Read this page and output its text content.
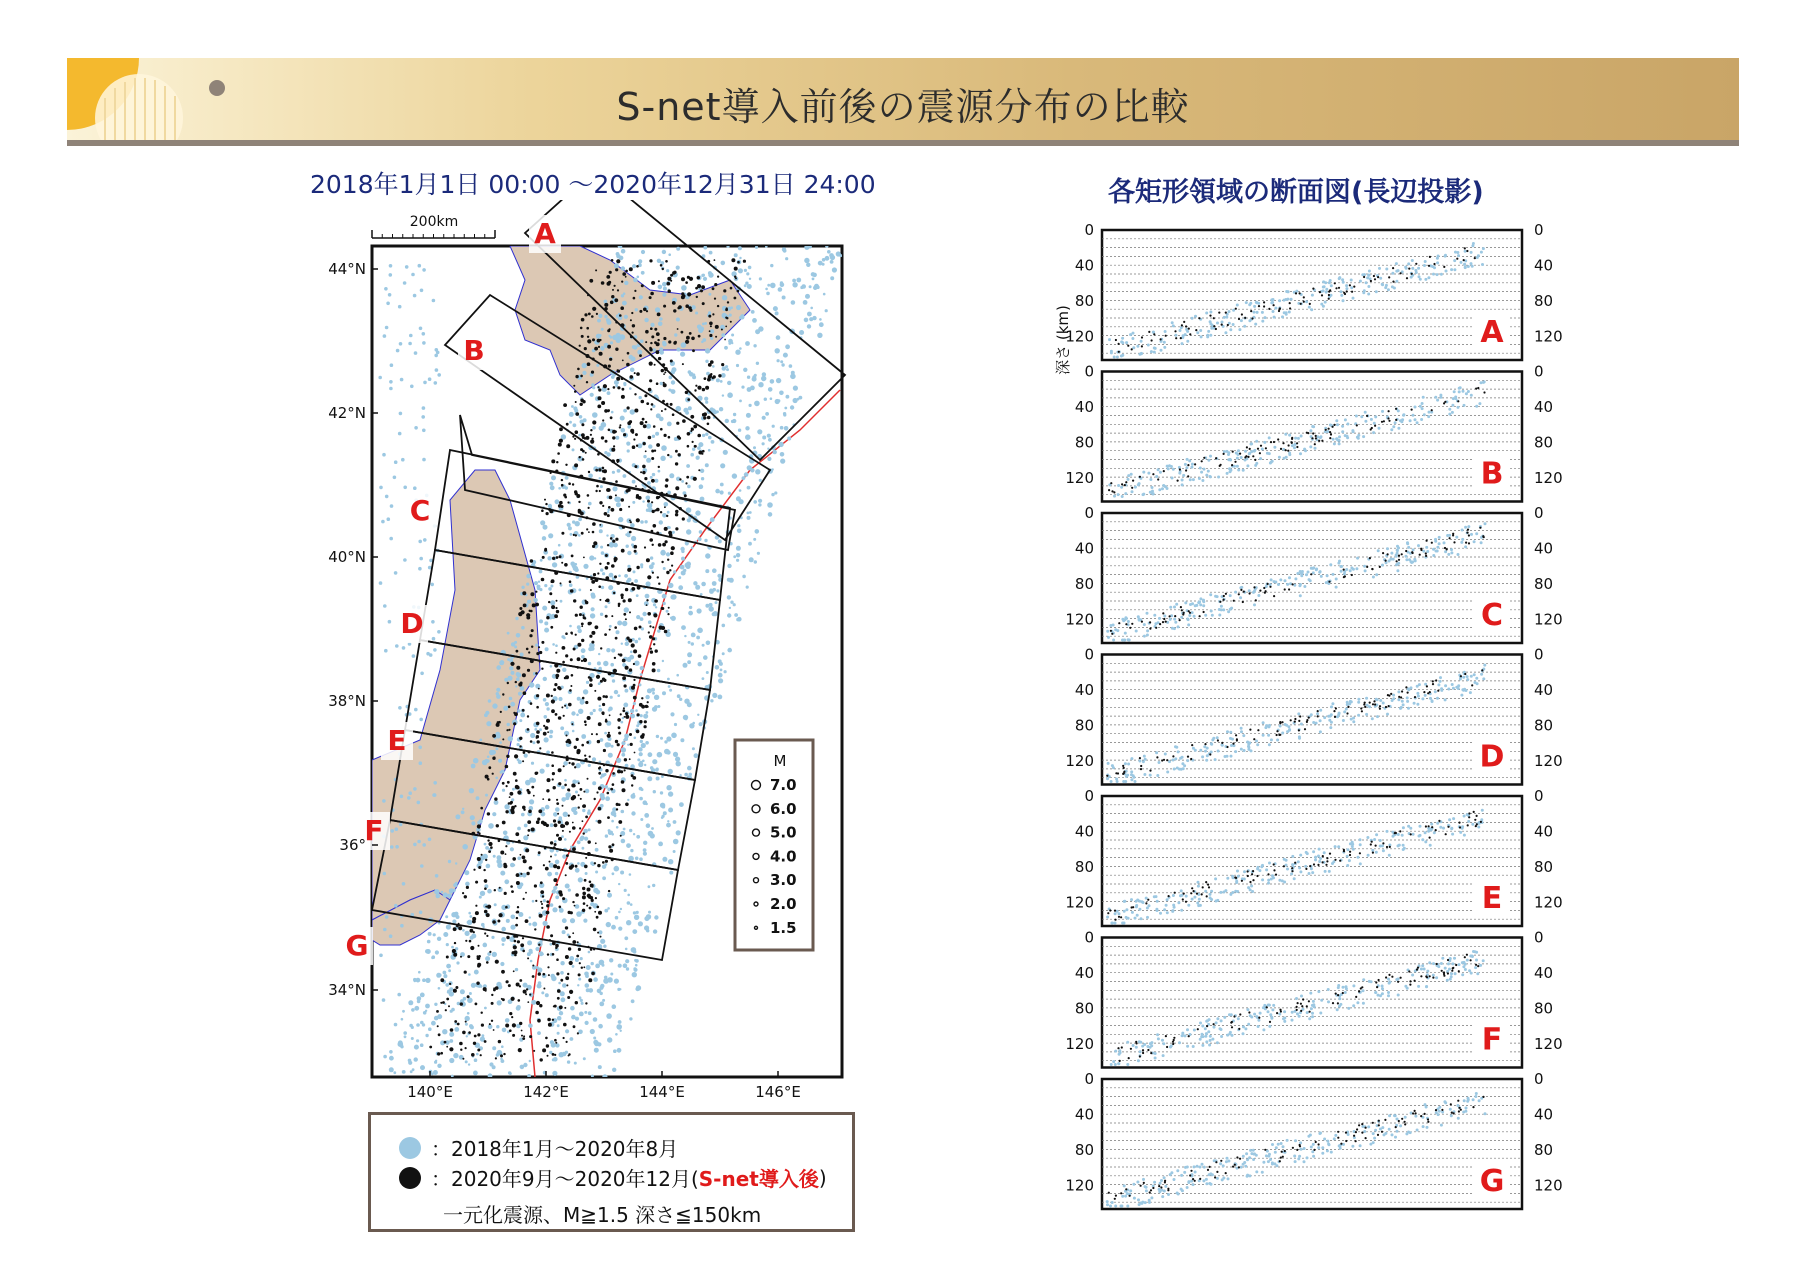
S-net導入前後の震源分布の比較
2018年1月1日 00:00 ～2020年12月31日 24:00	各矩形領域の断面図(長辺投影)
200km	A
B
C
D
E
F
G
44°N
42°N
40°N
38°N
36°
34°N
140°E	142°E	144°E	146°E
M
7.0
6.0
5.0
4.0
3.0
2.0
1.5
：2018年1月～2020年8月
：2020年9月～2020年12月( S-net導入後 )
一元化震源、M≧1.5 深さ≦150km
深さ (km)
0	0
40	40
80	80
120	120
A
0	0
40	40
80	80
120	120
B
0	0
40	40
80	80
120	120
C
0	0
40	40
80	80
120	120
D
0	0
40	40
80	80
120	120
E
0	0
40	40
80	80
120	120
F
0	0
40	40
80	80
120	120
G
